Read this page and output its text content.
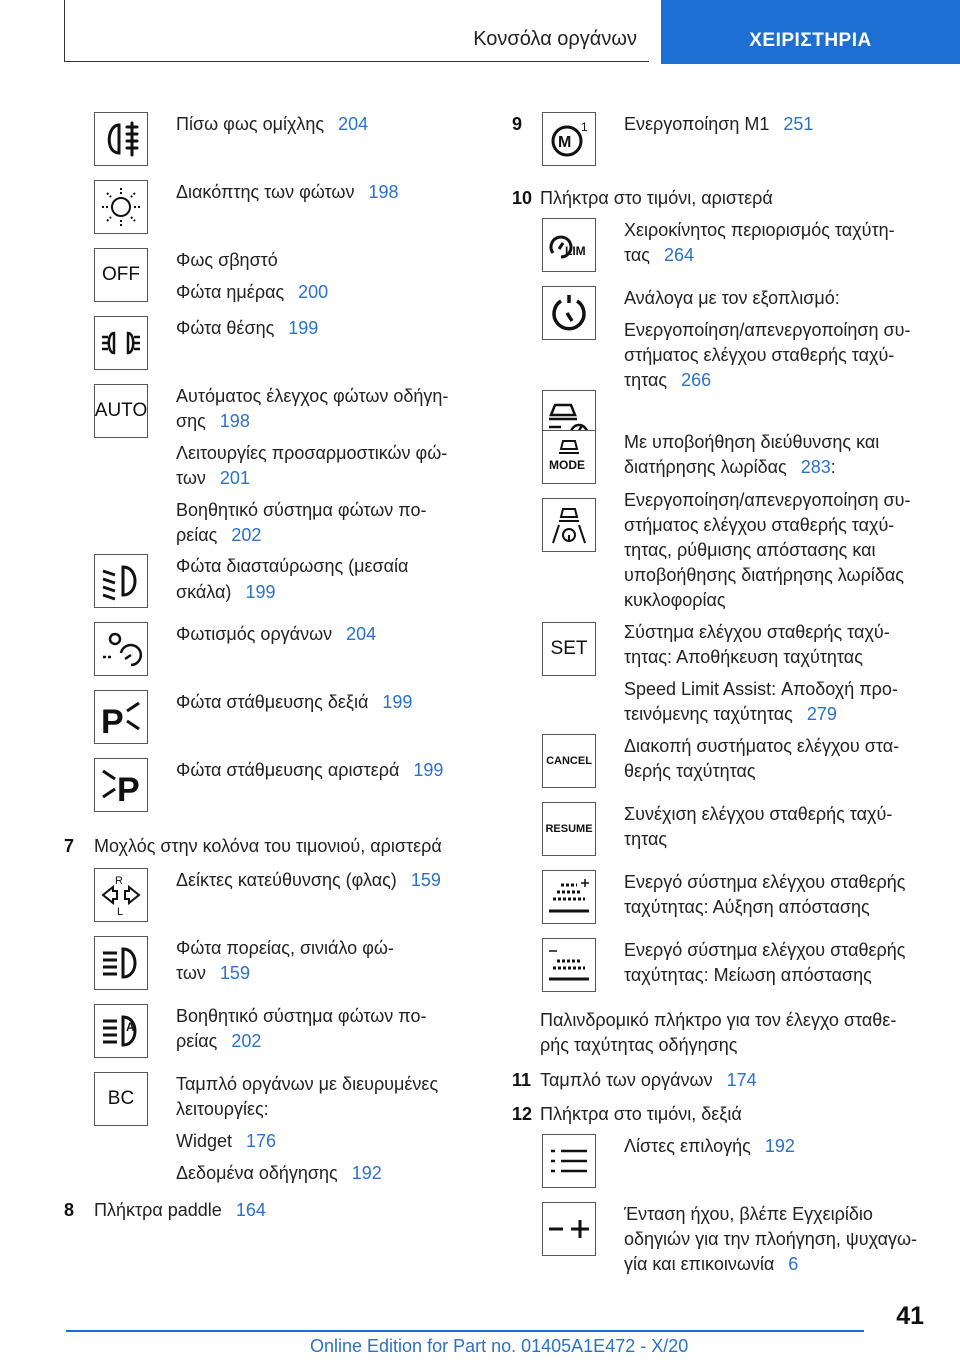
Κονσόλα οργάνων	ΧΕΙΡΙΣΤΗΡΙΑ
Πίσω φως ομίχλης 204
Διακόπτης των φώτων 198
OFF
Φως σβηστό
Φώτα ημέρας 200
Φώτα θέσης 199
AUTO
Αυτόματος έλεγχος φώτων οδήγη-
σης 198
Λειτουργίες προσαρμοστικών φώ-
των 201
Βοηθητικό σύστημα φώτων πο-
ρείας 202
Φώτα διασταύρωσης (μεσαία
σκάλα) 199
Φωτισμός οργάνων 204
P
Φώτα στάθμευσης δεξιά 199
P
Φώτα στάθμευσης αριστερά 199
R
L
Δείκτες κατεύθυνσης (φλας) 159
Φώτα πορείας, σινιάλο φώ-
των 159
A
Βοηθητικό σύστημα φώτων πο-
ρείας 202
BC
Ταμπλό οργάνων με διευρυμένες
λειτουργίες:
Widget 176
Δεδομένα οδήγησης 192
7 Μοχλός στην κολόνα του τιμονιού, αριστερά
8 Πλήκτρα paddle 164
M
1 Ενεργοποίηση M1 251
LIM
Χειροκίνητος περιορισμός ταχύτη-
τας 264
Ανάλογα με τον εξοπλισμό:
Ενεργοποίηση/απενεργοποίηση συ-
στήματος ελέγχου σταθερής ταχύ-
τητας 266
MODE
Με υποβοήθηση διεύθυνσης και
διατήρησης λωρίδας 283:
Ενεργοποίηση/απενεργοποίηση συ-
στήματος ελέγχου σταθερής ταχύ-
τητας, ρύθμισης απόστασης και
υποβοήθησης διατήρησης λωρίδας
κυκλοφορίας
SET
Σύστημα ελέγχου σταθερής ταχύ-
τητας: Αποθήκευση ταχύτητας
Speed Limit Assist: Αποδοχή προ-
τεινόμενης ταχύτητας 279
CANCEL
Διακοπή συστήματος ελέγχου στα-
θερής ταχύτητας
RESUME
Συνέχιση ελέγχου σταθερής ταχύ-
τητας
Ενεργό σύστημα ελέγχου σταθερής
ταχύτητας: Αύξηση απόστασης
Ενεργό σύστημα ελέγχου σταθερής
ταχύτητας: Μείωση απόστασης
Παλινδρομικό πλήκτρο για τον έλεγχο σταθε-
ρής ταχύτητας οδήγησης
Λίστες επιλογής 192
Ένταση ήχου, βλέπε Εγχειρίδιο
οδηγιών για την πλοήγηση, ψυχαγω-
γία και επικοινωνία 6
9
10 Πλήκτρα στο τιμόνι, αριστερά
11 Ταμπλό των οργάνων 174
12 Πλήκτρα στο τιμόνι, δεξιά
41
Online Edition for Part no. 01405A1E472 - X/20
